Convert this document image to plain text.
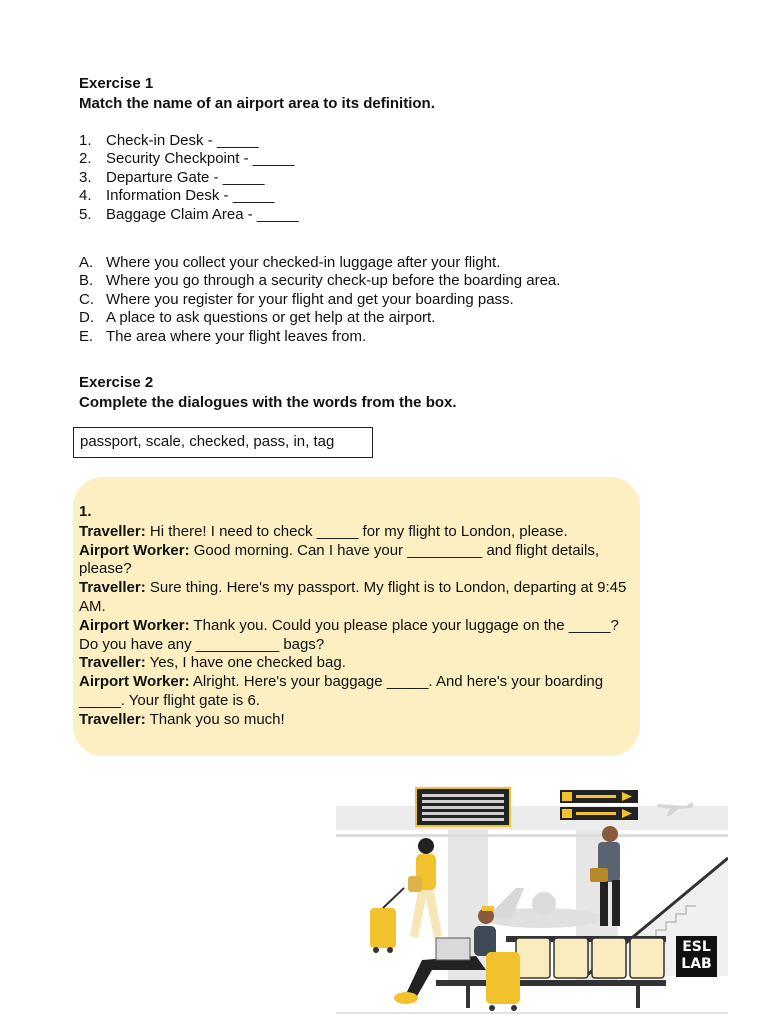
Exercise 1
Match the name of an airport area to its definition.
1. Check-in Desk - _____
2. Security Checkpoint - _____
3. Departure Gate - _____
4. Information Desk - _____
5. Baggage Claim Area - _____
A. Where you collect your checked-in luggage after your flight.
B. Where you go through a security check-up before the boarding area.
C. Where you register for your flight and get your boarding pass.
D. A place to ask questions or get help at the airport.
E. The area where your flight leaves from.
Exercise 2
Complete the dialogues with the words from the box.
passport, scale, checked, pass, in, tag
1.

Traveller: Hi there! I need to check _____ for my flight to London, please.

Airport Worker: Good morning. Can I have your _________ and flight details, please?

Traveller: Sure thing. Here's my passport. My flight is to London, departing at 9:45 AM.

Airport Worker: Thank you. Could you please place your luggage on the _____? Do you have any __________ bags?

Traveller: Yes, I have one checked bag.

Airport Worker: Alright. Here's your baggage _____. And here's your boarding _____. Your flight gate is 6.

Traveller: Thank you so much!

ESL
LAB
